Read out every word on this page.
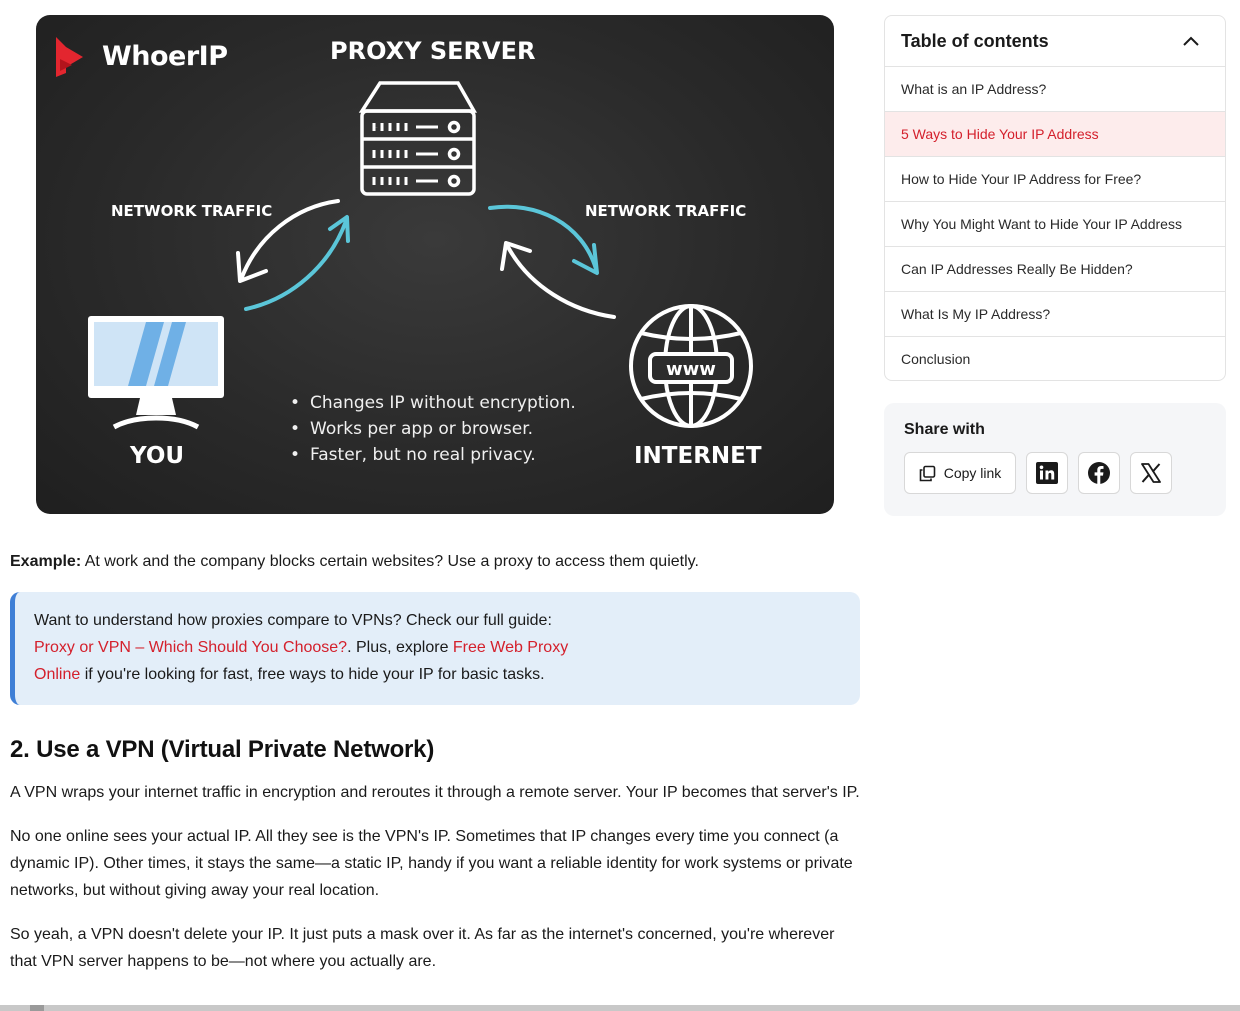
www
WhoerIP	PROXY SERVER
NETWORK TRAFFIC	NETWORK TRAFFIC
YOU	INTERNET
• Changes IP without encryption.
• Works per app or browser.
• Faster, but no real privacy.

Example: At work and the company blocks certain websites? Use a proxy to access them quietly.

Want to understand how proxies compare to VPNs? Check our full guide: Proxy or VPN – Which Should You Choose?. Plus, explore Free Web Proxy Online if you're looking for fast, free ways to hide your IP for basic tasks.

2. Use a VPN (Virtual Private Network)

A VPN wraps your internet traffic in encryption and reroutes it through a remote server. Your IP becomes that server's IP.

No one online sees your actual IP. All they see is the VPN's IP. Sometimes that IP changes every time you connect (a dynamic IP). Other times, it stays the same—a static IP, handy if you want a reliable identity for work systems or private networks, but without giving away your real location.

So yeah, a VPN doesn't delete your IP. It just puts a mask over it. As far as the internet's concerned, you're wherever that VPN server happens to be—not where you actually are.

Table of contents
What is an IP Address?
5 Ways to Hide Your IP Address
How to Hide Your IP Address for Free?
Why You Might Want to Hide Your IP Address
Can IP Addresses Really Be Hidden?
What Is My IP Address?
Conclusion
Share with
Copy link
